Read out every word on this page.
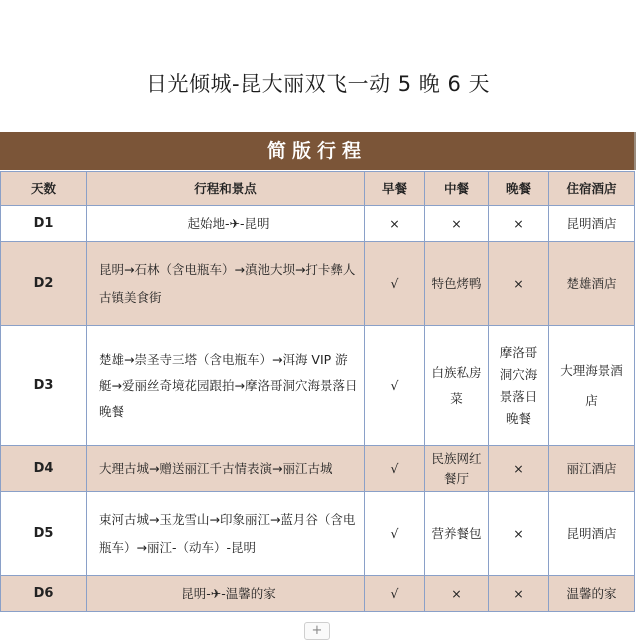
日光倾城-昆大丽双飞一动 5 晚 6 天
简版行程
天数	行程和景点	早餐	中餐	晚餐	住宿酒店
D1	起始地-✈-昆明	×	×	×	昆明酒店
D2	昆明→石林（含电瓶车）→滇池大坝→打卡彝人古镇美食街	√	特色烤鸭	×	楚雄酒店
D3	楚雄→崇圣寺三塔（含电瓶车）→洱海 VIP 游艇→爱丽丝奇境花园跟拍→摩洛哥洞穴海景落日晚餐	√	白族私房菜	摩洛哥洞穴海景落日晚餐	大理海景酒店
D4	大理古城→赠送丽江千古情表演→丽江古城	√	民族网红餐厅	×	丽江酒店
D5	束河古城→玉龙雪山→印象丽江→蓝月谷（含电瓶车）→丽江-（动车）-昆明	√	营养餐包	×	昆明酒店
D6	昆明-✈-温馨的家	√	×	×	温馨的家
+
